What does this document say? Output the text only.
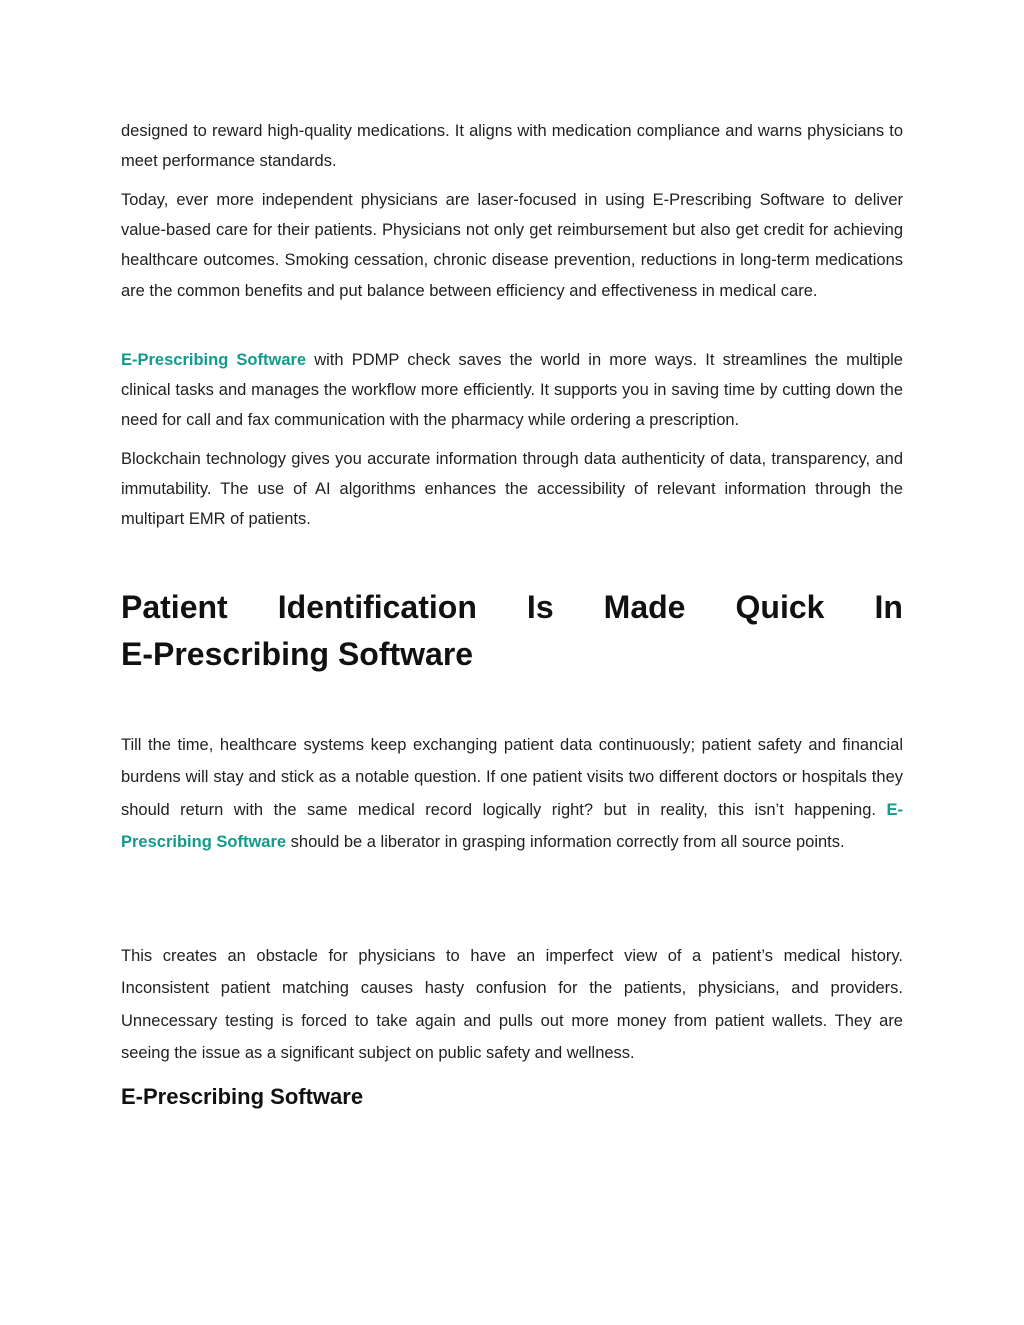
designed to reward high-quality medications. It aligns with medication compliance and warns physicians to meet performance standards.

Today, ever more independent physicians are laser-focused in using E-Prescribing Software to deliver value-based care for their patients. Physicians not only get reimbursement but also get credit for achieving healthcare outcomes. Smoking cessation, chronic disease prevention, reductions in long-term medications are the common benefits and put balance between efficiency and effectiveness in medical care.

E-Prescribing Software with PDMP check saves the world in more ways. It streamlines the multiple clinical tasks and manages the workflow more efficiently. It supports you in saving time by cutting down the need for call and fax communication with the pharmacy while ordering a prescription.

Blockchain technology gives you accurate information through data authenticity of data, transparency, and immutability. The use of AI algorithms enhances the accessibility of relevant information through the multipart EMR of patients.

Patient Identification Is Made Quick In
E-Prescribing Software

Till the time, healthcare systems keep exchanging patient data continuously; patient safety and financial burdens will stay and stick as a notable question. If one patient visits two different doctors or hospitals they should return with the same medical record logically right? but in reality, this isn’t happening. E-Prescribing Software should be a liberator in grasping information correctly from all source points.

This creates an obstacle for physicians to have an imperfect view of a patient’s medical history. Inconsistent patient matching causes hasty confusion for the patients, physicians, and providers. Unnecessary testing is forced to take again and pulls out more money from patient wallets. They are seeing the issue as a significant subject on public safety and wellness.

E-Prescribing Software
